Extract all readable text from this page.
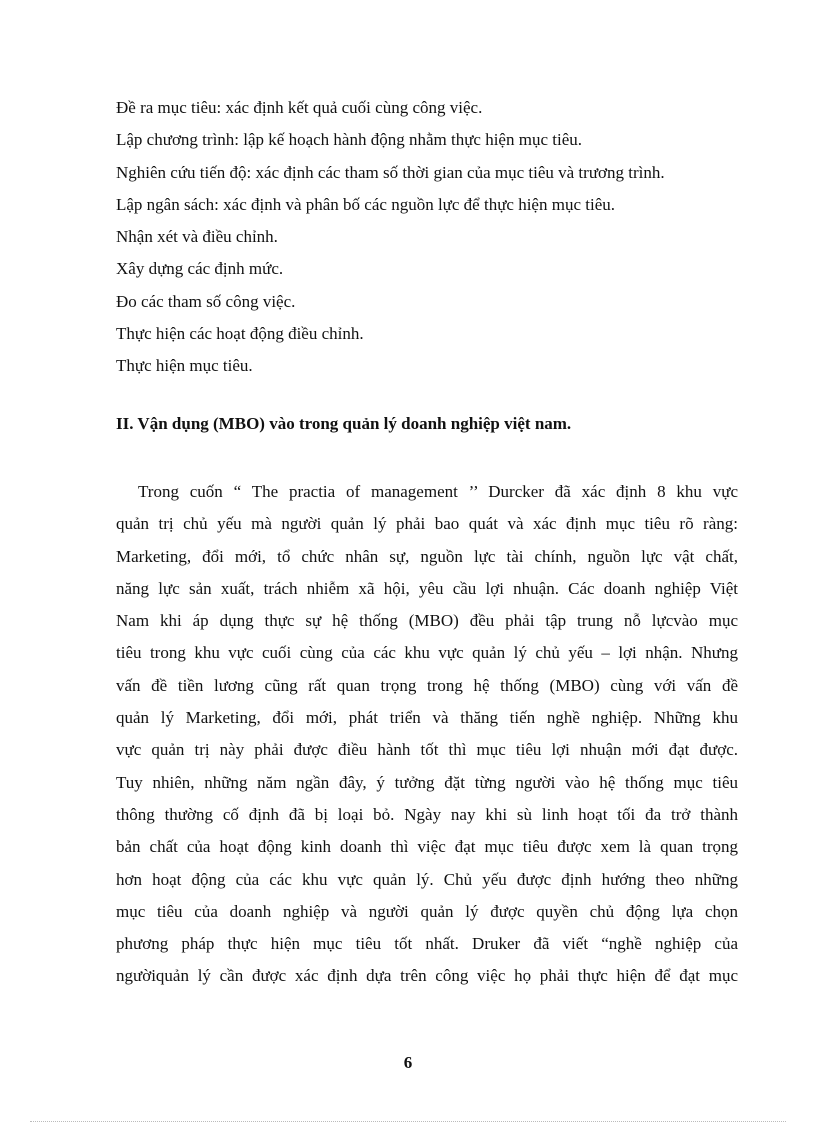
Đề ra mục tiêu: xác định kết quả cuối cùng công việc.

Lập chương trình: lập kế hoạch hành động nhằm thực hiện mục tiêu.

Nghiên cứu tiến độ: xác định các tham số thời gian của mục tiêu và trương trình.

Lập ngân sách: xác định và phân bố các nguồn lực để thực hiện mục tiêu.

Nhận xét và điều chỉnh.

Xây dựng các định mức.

Đo các tham số công việc.

Thực hiện các hoạt động điều chỉnh.

Thực hiện mục tiêu.

II. Vận dụng (MBO) vào trong quản lý doanh nghiệp việt nam.
Trong cuốn “ The practia of management ’’ Durcker đã xác định 8 khu vực
quản trị chủ yếu mà người quản lý phải bao quát và xác định mục tiêu rõ ràng:
Marketing, đổi mới, tổ chức nhân sự, nguồn lực tài chính, nguồn lực vật chất,
năng lực sản xuất, trách nhiễm xã hội, yêu cầu lợi nhuận. Các doanh nghiệp Việt
Nam khi áp dụng thực sự hệ thống (MBO) đều phải tập trung nỗ lựcvào mục
tiêu trong khu vực cuối cùng của các khu vực quản lý chủ yếu – lợi nhận. Nhưng
vấn đề tiền lương cũng rất quan trọng trong hệ thống (MBO) cùng với vấn đề
quản lý Marketing, đổi mới, phát triển và thăng tiến nghề nghiệp. Những khu
vực quản trị này phải được điều hành tốt thì mục tiêu lợi nhuận mới đạt được.
Tuy nhiên, những năm ngần đây, ý tưởng đặt từng người vào hệ thống mục tiêu
thông thường cố định đã bị loại bỏ. Ngày nay khi sù linh hoạt tối đa trở thành
bản chất của hoạt động kinh doanh thì việc đạt mục tiêu được xem là quan trọng
hơn hoạt động của các khu vực quản lý. Chủ yếu được định hướng theo những
mục tiêu của doanh nghiệp và người quản lý được quyền chủ động lựa chọn
phương pháp thực hiện mục tiêu tốt nhất. Druker đã viết “nghề nghiệp của
ngườiquản lý cần được xác định dựa trên công việc họ phải thực hiện để đạt mục

6
